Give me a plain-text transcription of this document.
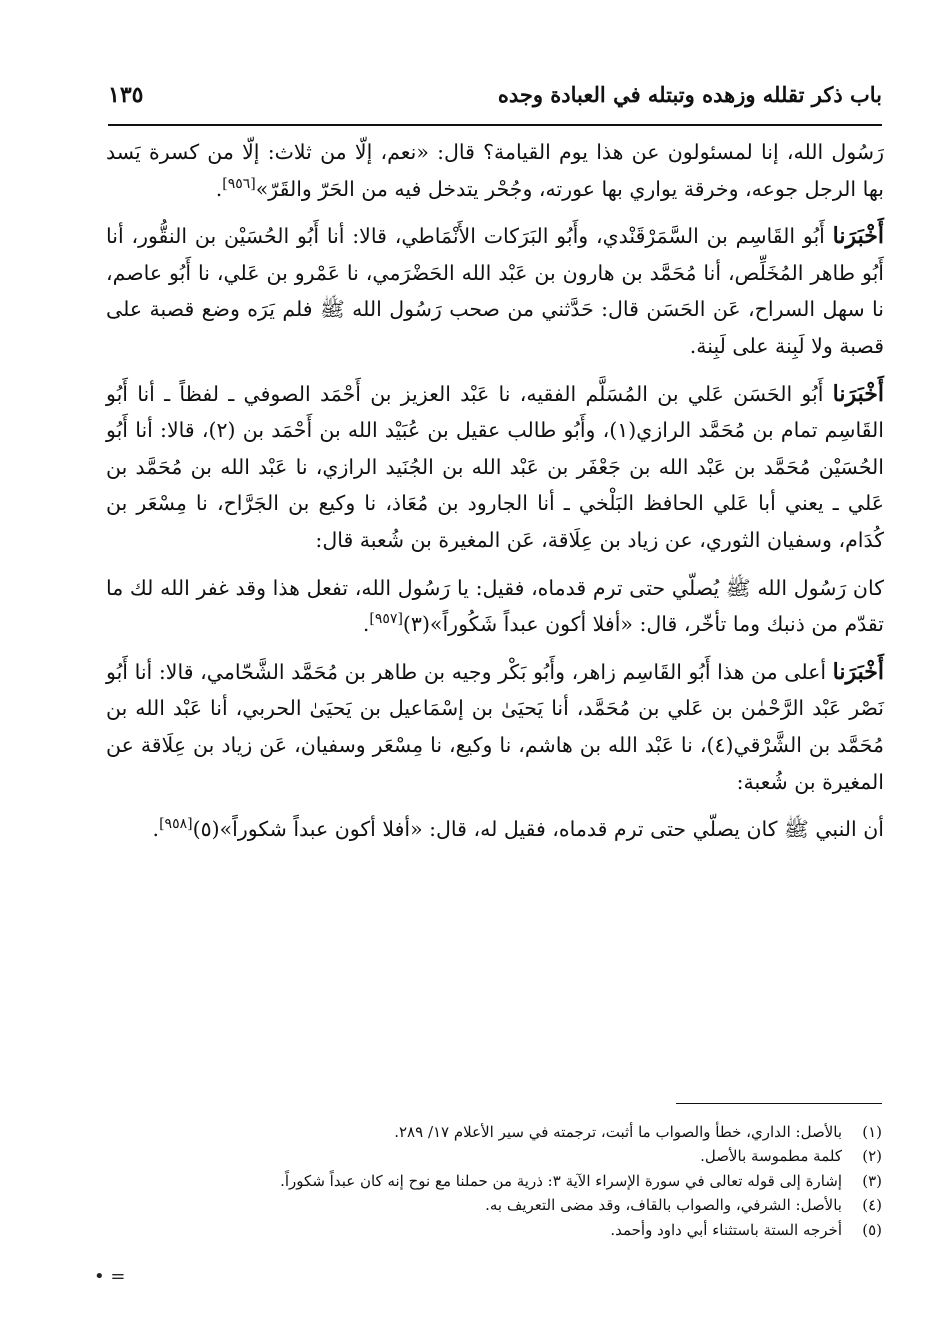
باب ذكر تقلله وزهده وتبتله في العبادة وجده
١٣٥

رَسُول الله، إنا لمسئولون عن هذا يوم القيامة؟ قال: «نعم، إلّا من ثلاث: إلّا من كسرة يَسد بها الرجل جوعه، وخرقة يواري بها عورته، وجُحْر يتدخل فيه من الحَرّ والقَرّ»[٩٥٦].

أَخْبَرَنا أَبُو القَاسِم بن السَّمَرْقَنْدي، وأَبُو البَرَكات الأَنْمَاطي، قالا: أنا أَبُو الحُسَيْن بن النقُّور، أنا أَبُو طاهر المُخَلِّص، أنا مُحَمَّد بن هارون بن عَبْد الله الحَضْرَمي، نا عَمْرو بن عَلي، نا أَبُو عاصم، نا سهل السراح، عَن الحَسَن قال: حَدَّثني من صحب رَسُول الله ﷺ فلم يَرَه وضع قصبة على قصبة ولا لَبِنة على لَبِنة.

أَخْبَرَنا أَبُو الحَسَن عَلي بن المُسَلَّم الفقيه، نا عَبْد العزيز بن أَحْمَد الصوفي ـ لفظاً ـ أنا أَبُو القَاسِم تمام بن مُحَمَّد الرازي(١)، وأَبُو طالب عقيل بن عُبَيْد الله بن أَحْمَد بن (٢)، قالا: أنا أَبُو الحُسَيْن مُحَمَّد بن عَبْد الله بن جَعْفَر بن عَبْد الله بن الجُنَيد الرازي، نا عَبْد الله بن مُحَمَّد بن عَلي ـ يعني أبا عَلي الحافظ البَلْخي ـ أنا الجارود بن مُعَاذ، نا وكيع بن الجَرَّاح، نا مِسْعَر بن كُدَام، وسفيان الثوري، عن زياد بن عِلَاقة، عَن المغيرة بن شُعبة قال:

كان رَسُول الله ﷺ يُصلّي حتى ترم قدماه، فقيل: يا رَسُول الله، تفعل هذا وقد غفر الله لك ما تقدّم من ذنبك وما تأخّر، قال: «أفلا أكون عبداً شَكُوراً»(٣)[٩٥٧].

أَخْبَرَنا أعلى من هذا أَبُو القَاسِم زاهر، وأَبُو بَكْر وجيه بن طاهر بن مُحَمَّد الشَّحّامي، قالا: أنا أَبُو نَصْر عَبْد الرَّحْمٰن بن عَلي بن مُحَمَّد، أنا يَحيَىٰ بن إسْمَاعيل بن يَحيَىٰ الحربي، أنا عَبْد الله بن مُحَمَّد بن الشَّرْقي(٤)، نا عَبْد الله بن هاشم، نا وكيع، نا مِسْعَر وسفيان، عَن زياد بن عِلَاقة عن المغيرة بن شُعبة:

أن النبي ﷺ كان يصلّي حتى ترم قدماه، فقيل له، قال: «أفلا أكون عبداً شكوراً»(٥)[٩٥٨].

(١)
بالأصل: الداري، خطأ والصواب ما أثبت، ترجمته في سير الأعلام ١٧/ ٢٨٩.
(٢)
كلمة مطموسة بالأصل.
(٣)
إشارة إلى قوله تعالى في سورة الإسراء الآية ٣: ذرية من حملنا مع نوح إنه كان عبداً شكوراً.
(٤)
بالأصل: الشرفي، والصواب بالقاف، وقد مضى التعريف به.
(٥)
أخرجه الستة باستثناء أبي داود وأحمد.
• =
